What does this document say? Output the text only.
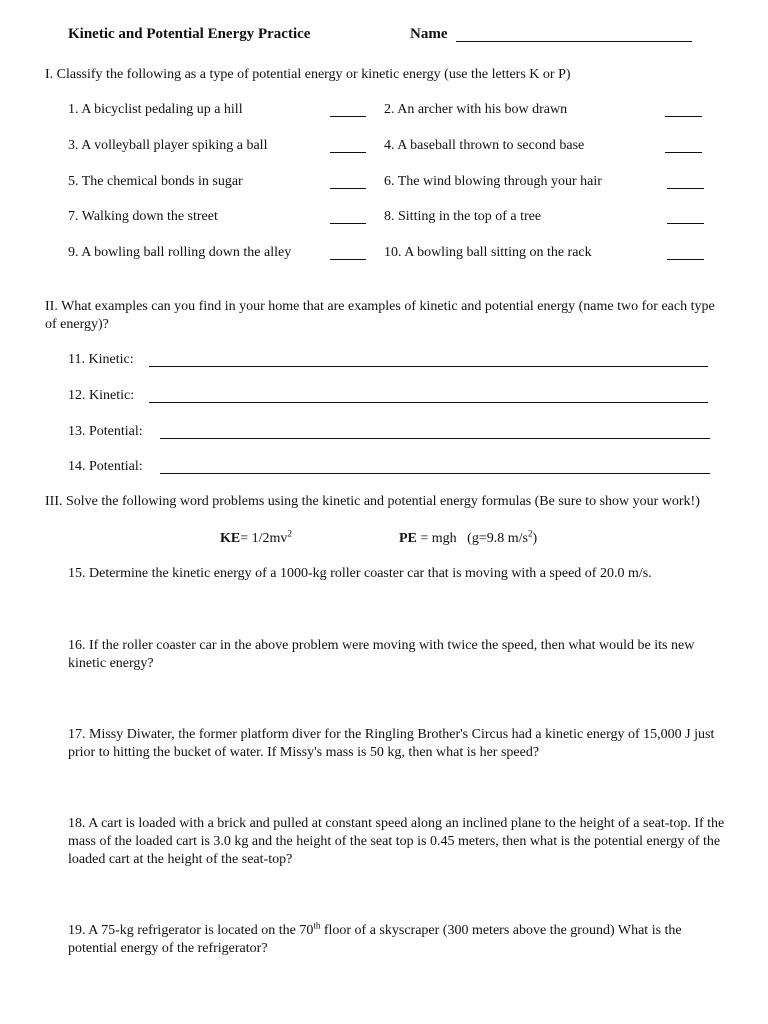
Kinetic and Potential Energy Practice	Name
I. Classify the following as a type of potential energy or kinetic energy (use the letters K or P)
1. A bicyclist pedaling up a hill	2. An archer with his bow drawn
3. A volleyball player spiking a ball	4. A baseball thrown to second base
5. The chemical bonds in sugar	6. The wind blowing through your hair
7. Walking down the street	8. Sitting in the top of a tree
9. A bowling ball rolling down the alley	10. A bowling ball sitting on the rack
II. What examples can you find in your home that are examples of kinetic and potential energy (name two for each type of energy)?
11. Kinetic:
12. Kinetic:
13. Potential:
14. Potential:
III. Solve the following word problems using the kinetic and potential energy formulas (Be sure to show your work!)
$KE= 1/2mv^2$	PE = mgh   (g=9.8 $m/s^2$)
15. Determine the kinetic energy of a 1000-kg roller coaster car that is moving with a speed of 20.0 m/s.
16. If the roller coaster car in the above problem were moving with twice the speed, then what would be its new kinetic energy?
17. Missy Diwater, the former platform diver for the Ringling Brother's Circus had a kinetic energy of 15,000 J just prior to hitting the bucket of water. If Missy's mass is 50 kg, then what is her speed?
18. A cart is loaded with a brick and pulled at constant speed along an inclined plane to the height of a seat-top. If the mass of the loaded cart is 3.0 kg and the height of the seat top is 0.45 meters, then what is the potential energy of the loaded cart at the height of the seat-top?
19. A 75-kg refrigerator is located on the 70th floor of a skyscraper (300 meters above the ground) What is the potential energy of the refrigerator?
